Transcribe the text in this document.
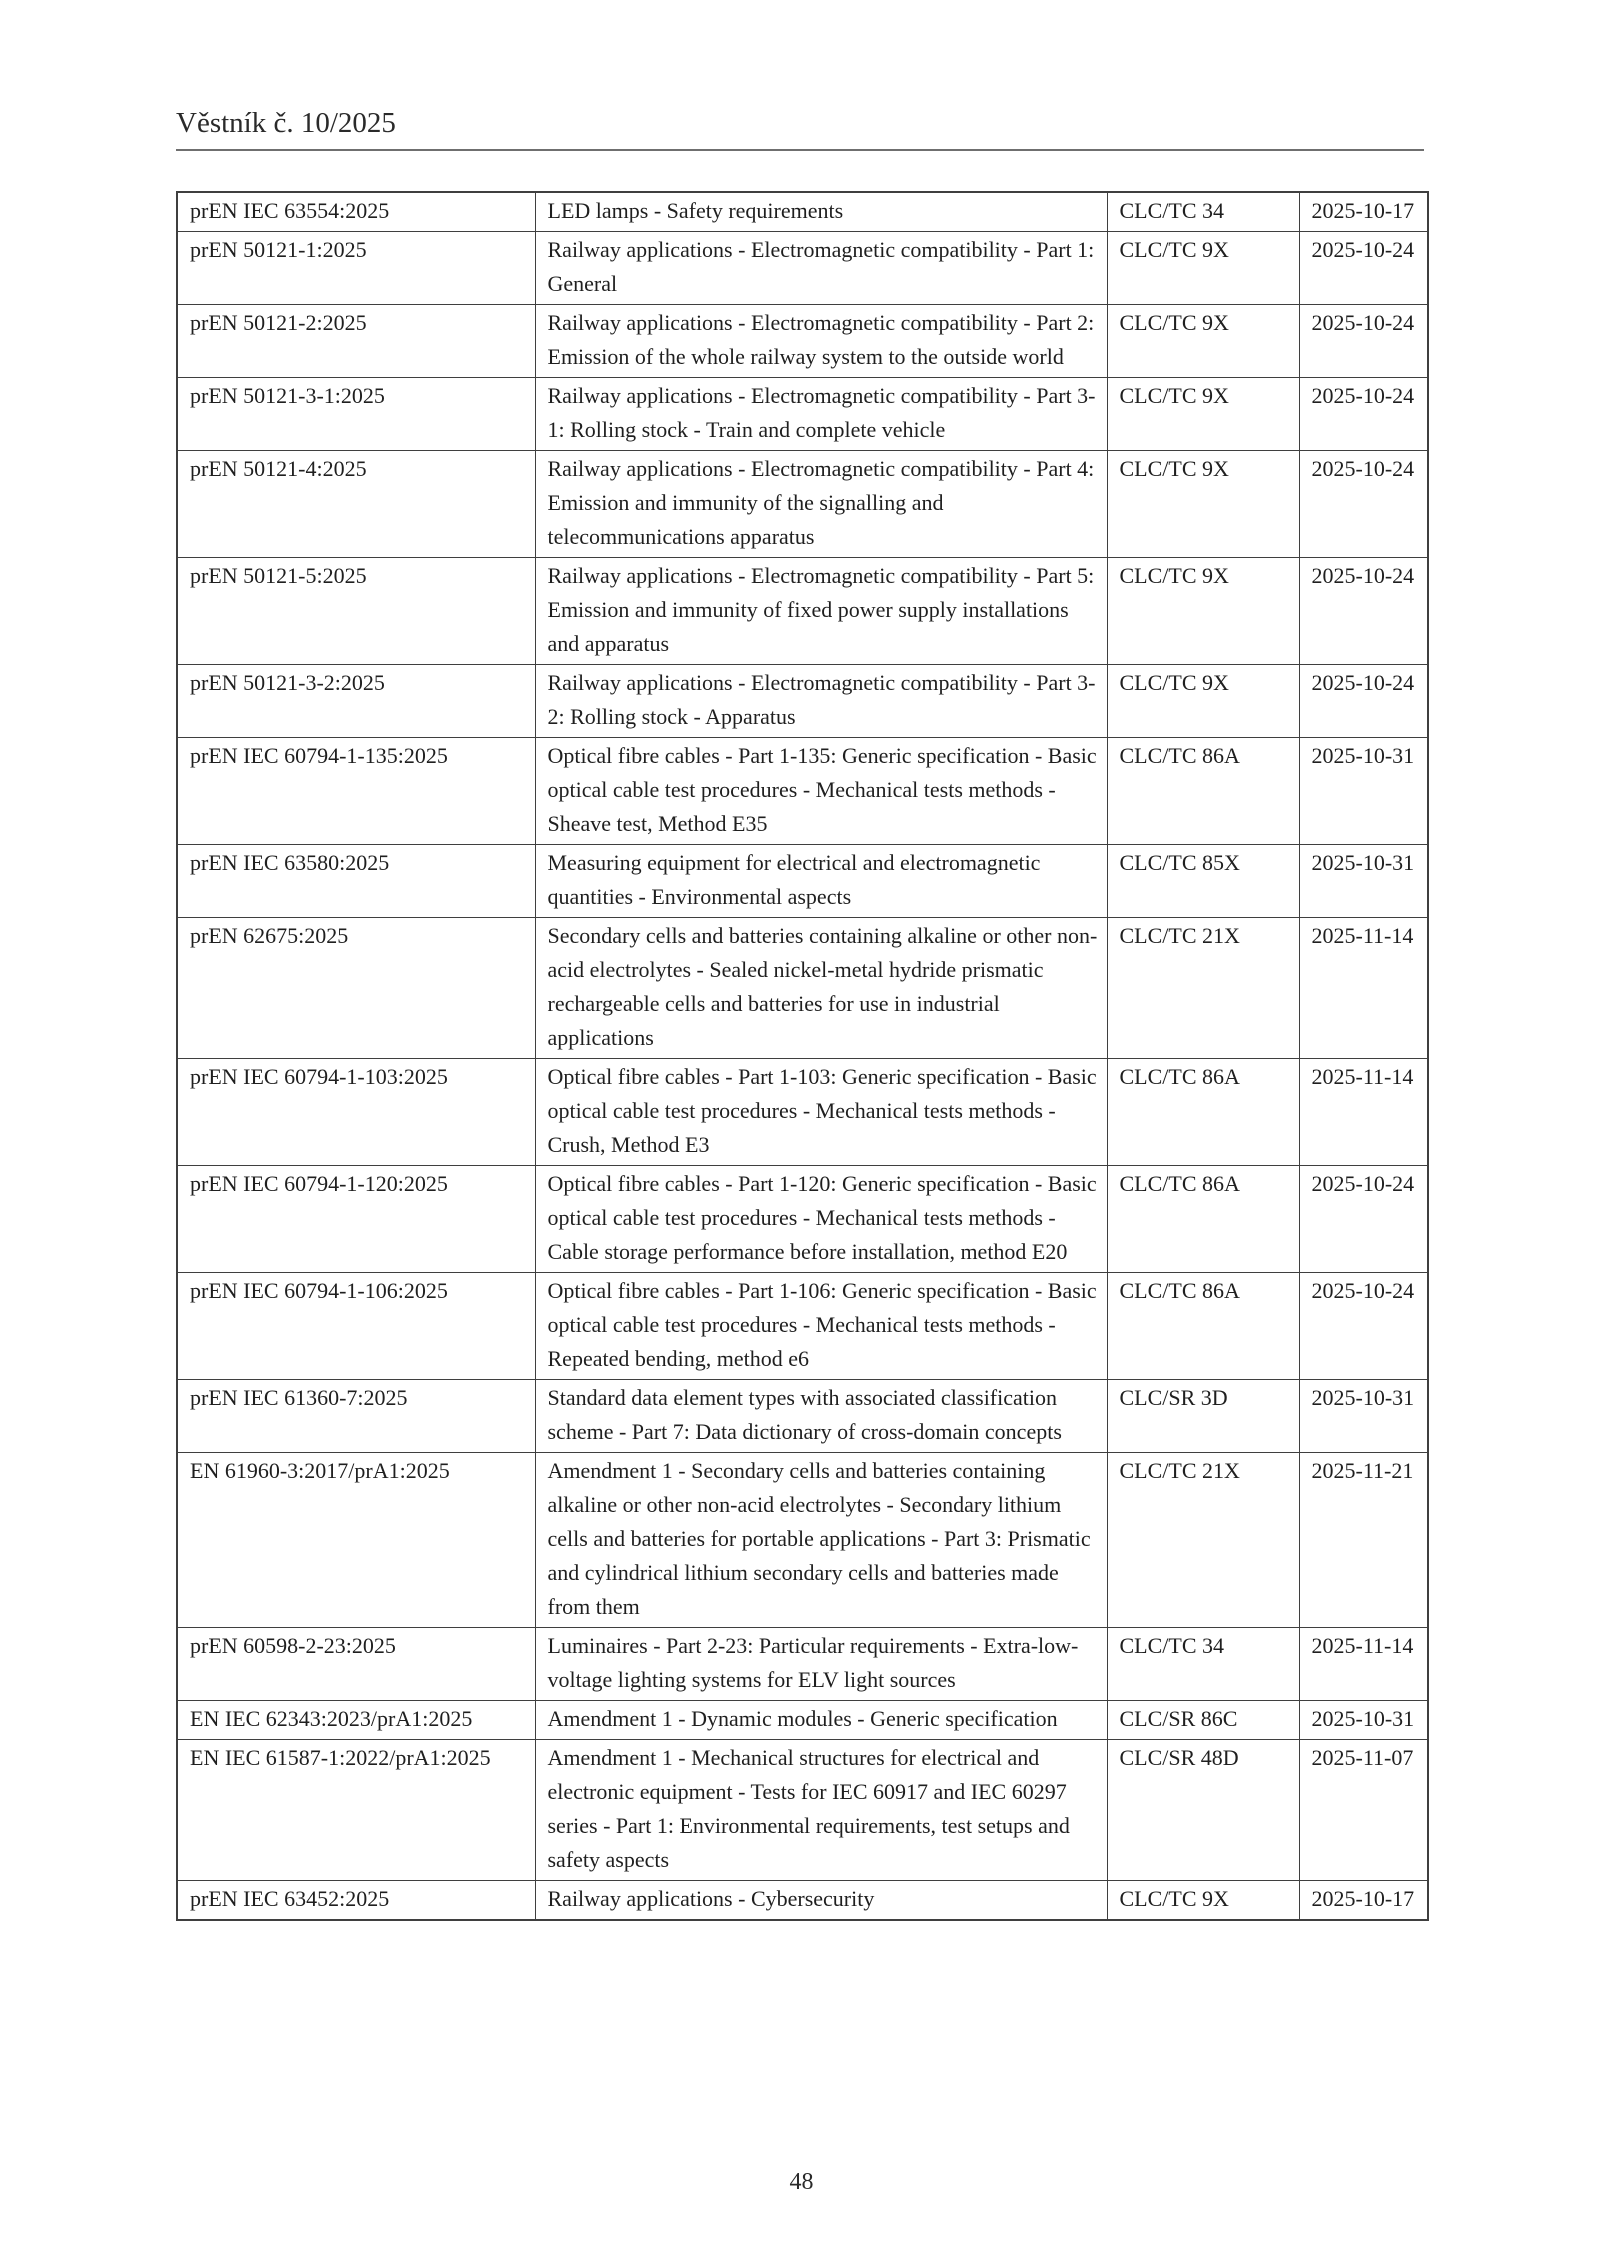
Věstník č. 10/2025
prEN IEC 63554:2025	LED lamps - Safety requirements	CLC/TC 34	2025-10-17
prEN 50121-1:2025	Railway applications - Electromagnetic compatibility - Part 1: General	CLC/TC 9X	2025-10-24
prEN 50121-2:2025	Railway applications - Electromagnetic compatibility - Part 2: Emission of the whole railway system to the outside world	CLC/TC 9X	2025-10-24
prEN 50121-3-1:2025	Railway applications - Electromagnetic compatibility - Part 3-1: Rolling stock - Train and complete vehicle	CLC/TC 9X	2025-10-24
prEN 50121-4:2025	Railway applications - Electromagnetic compatibility - Part 4: Emission and immunity of the signalling and telecommunications apparatus	CLC/TC 9X	2025-10-24
prEN 50121-5:2025	Railway applications - Electromagnetic compatibility - Part 5: Emission and immunity of fixed power supply installations and apparatus	CLC/TC 9X	2025-10-24
prEN 50121-3-2:2025	Railway applications - Electromagnetic compatibility - Part 3-2: Rolling stock - Apparatus	CLC/TC 9X	2025-10-24
prEN IEC 60794-1-135:2025	Optical fibre cables - Part 1-135: Generic specification - Basic optical cable test procedures - Mechanical tests methods - Sheave test, Method E35	CLC/TC 86A	2025-10-31
prEN IEC 63580:2025	Measuring equipment for electrical and electromagnetic quantities - Environmental aspects	CLC/TC 85X	2025-10-31
prEN 62675:2025	Secondary cells and batteries containing alkaline or other non-acid electrolytes - Sealed nickel-metal hydride prismatic rechargeable cells and batteries for use in industrial applications	CLC/TC 21X	2025-11-14
prEN IEC 60794-1-103:2025	Optical fibre cables - Part 1-103: Generic specification - Basic optical cable test procedures - Mechanical tests methods - Crush, Method E3	CLC/TC 86A	2025-11-14
prEN IEC 60794-1-120:2025	Optical fibre cables - Part 1-120: Generic specification - Basic optical cable test procedures - Mechanical tests methods - Cable storage performance before installation, method E20	CLC/TC 86A	2025-10-24
prEN IEC 60794-1-106:2025	Optical fibre cables - Part 1-106: Generic specification - Basic optical cable test procedures - Mechanical tests methods - Repeated bending, method e6	CLC/TC 86A	2025-10-24
prEN IEC 61360-7:2025	Standard data element types with associated classification scheme - Part 7: Data dictionary of cross-domain concepts	CLC/SR 3D	2025-10-31
EN 61960-3:2017/prA1:2025	Amendment 1 - Secondary cells and batteries containing alkaline or other non-acid electrolytes - Secondary lithium cells and batteries for portable applications - Part 3: Prismatic and cylindrical lithium secondary cells and batteries made from them	CLC/TC 21X	2025-11-21
prEN 60598-2-23:2025	Luminaires - Part 2-23: Particular requirements - Extra-low-voltage lighting systems for ELV light sources	CLC/TC 34	2025-11-14
EN IEC 62343:2023/prA1:2025	Amendment 1 - Dynamic modules - Generic specification	CLC/SR 86C	2025-10-31
EN IEC 61587-1:2022/prA1:2025	Amendment 1 - Mechanical structures for electrical and electronic equipment - Tests for IEC 60917 and IEC 60297 series - Part 1: Environmental requirements, test setups and safety aspects	CLC/SR 48D	2025-11-07
prEN IEC 63452:2025	Railway applications - Cybersecurity	CLC/TC 9X	2025-10-17
48
